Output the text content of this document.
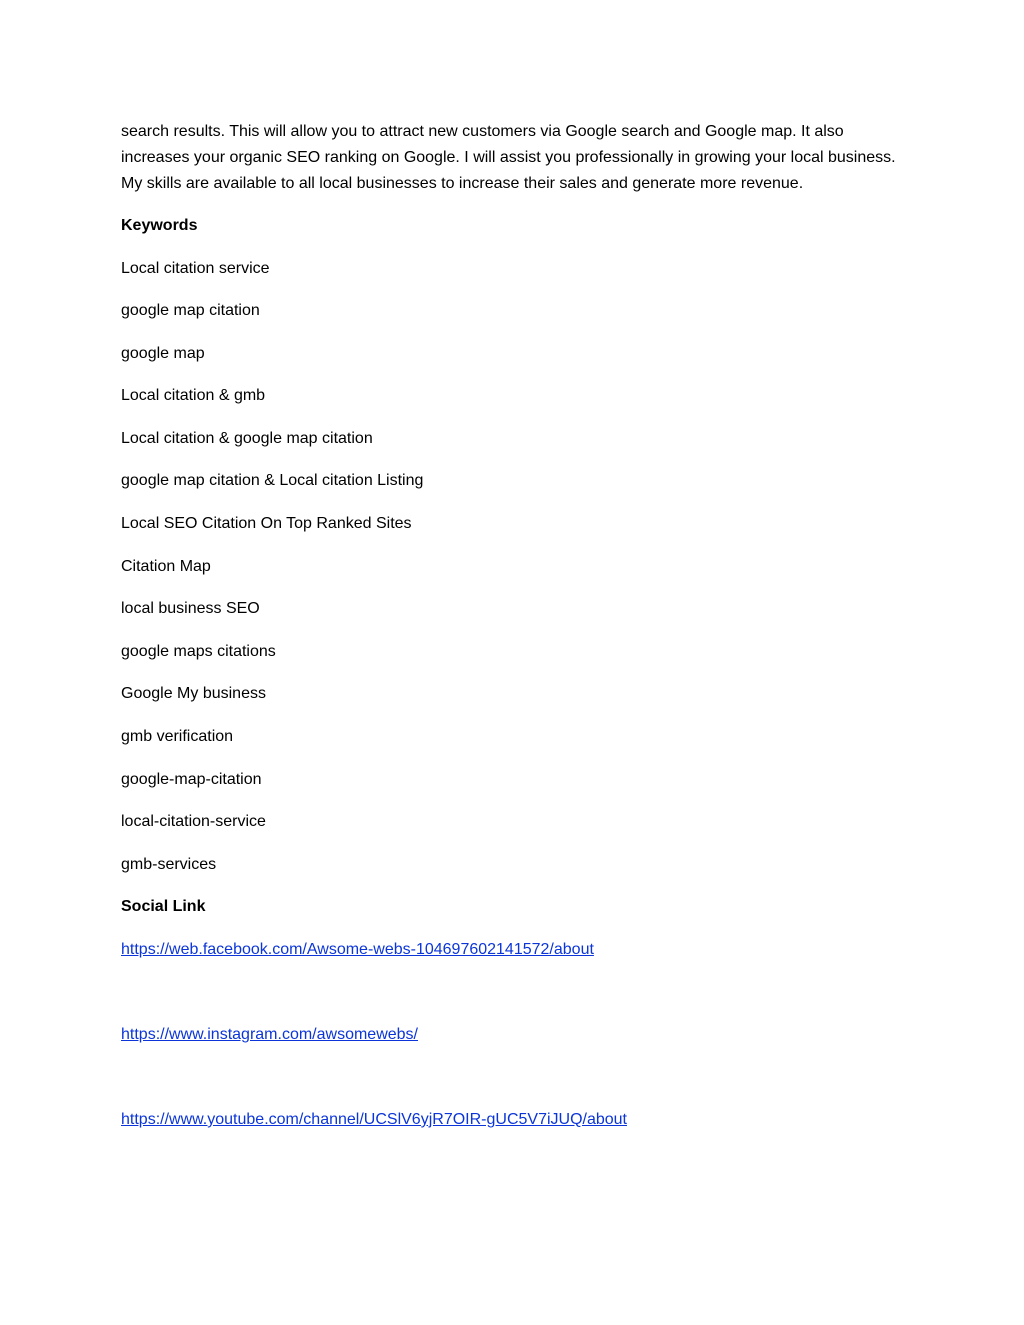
search results. This will allow you to attract new customers via Google search and Google map. It also increases your organic SEO ranking on Google. I will assist you professionally in growing your local business. My skills are available to all local businesses to increase their sales and generate more revenue.

Keywords
Local citation service
google map citation
google map
Local citation & gmb
Local citation & google map citation
google map citation & Local citation Listing
Local SEO Citation On Top Ranked Sites
Citation Map
local business SEO
google maps citations
Google My business
gmb verification
google-map-citation
local-citation-service
gmb-services
Social Link
https://web.facebook.com/Awsome-webs-104697602141572/about
https://www.instagram.com/awsomewebs/
https://www.youtube.com/channel/UCSlV6yjR7OIR-gUC5V7iJUQ/about
